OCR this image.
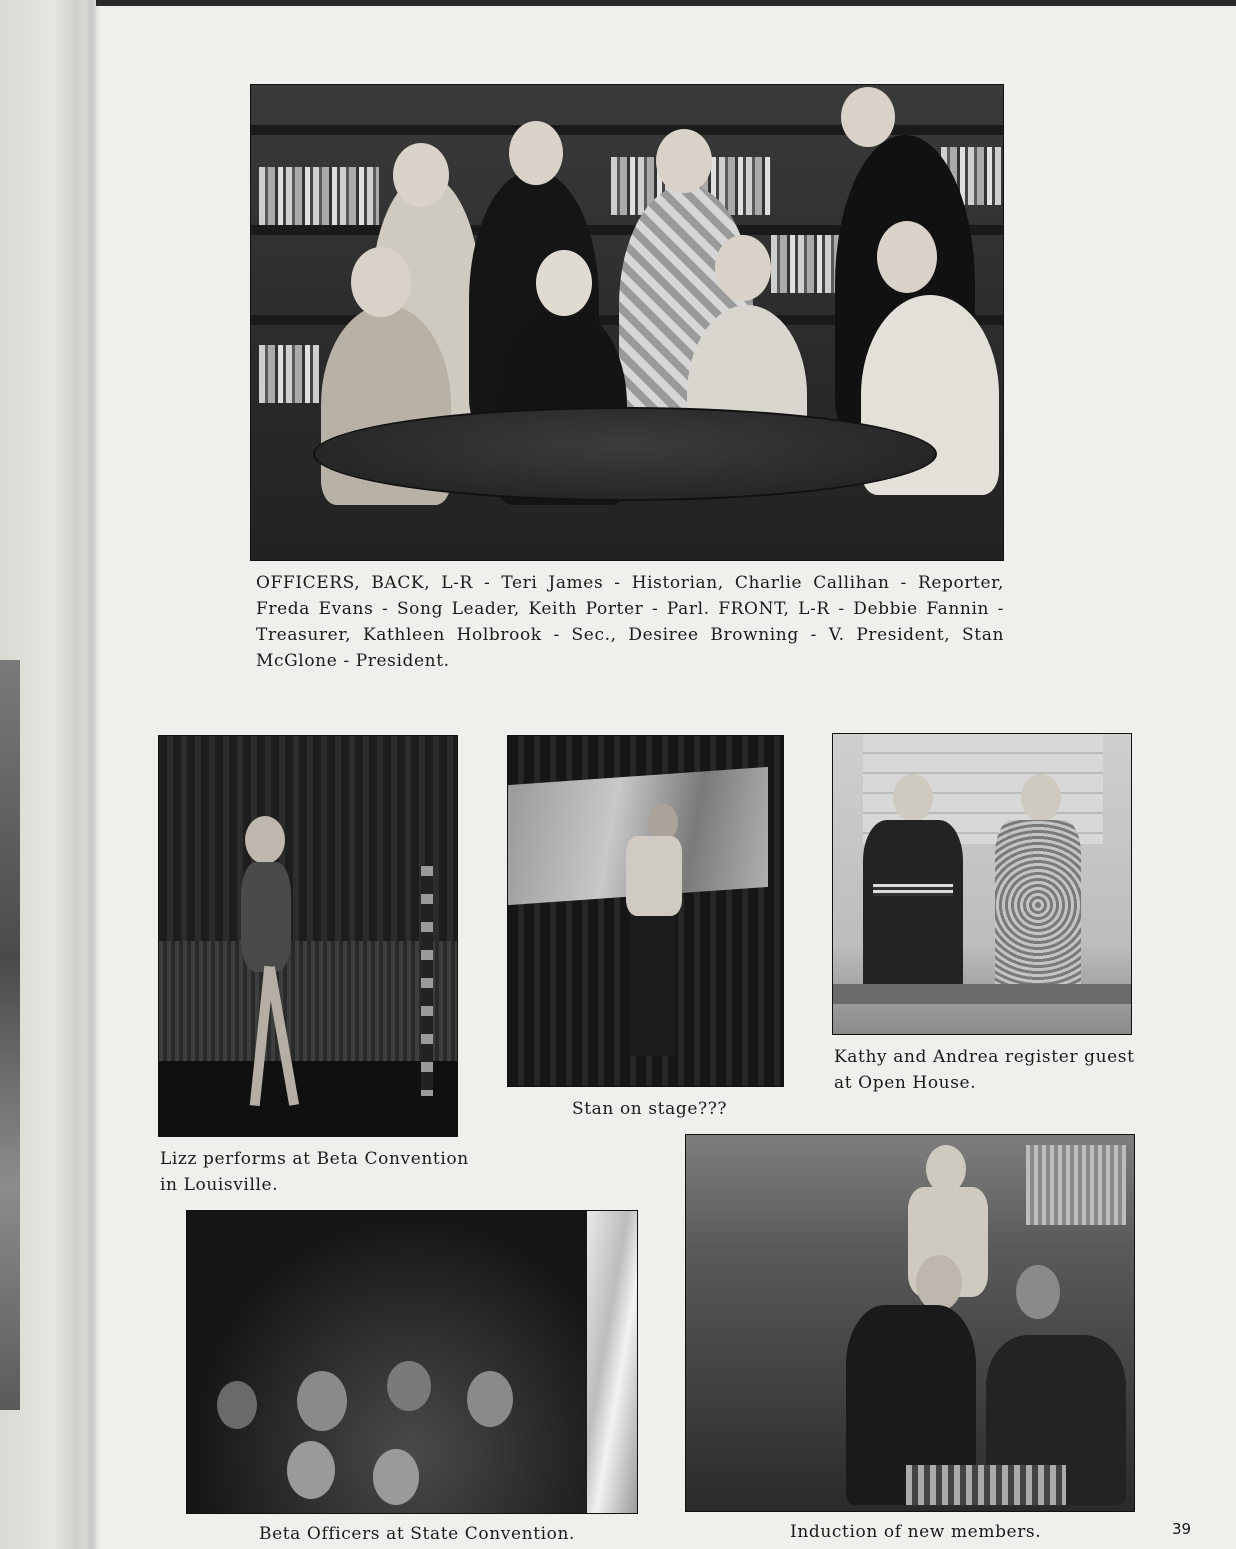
OFFICERS, BACK, L-R - Teri James - Historian, Charlie Callihan - Reporter, Freda Evans - Song Leader, Keith Porter - Parl. FRONT, L-R - Debbie Fannin - Treasurer, Kathleen Holbrook - Sec., Desiree Browning - V. President, Stan McGlone - President.

Lizz performs at Beta Convention

in Louisville.

Stan on stage???

Kathy and Andrea register guest

at Open House.

Beta Officers at State Convention.	Induction of new members.	39
